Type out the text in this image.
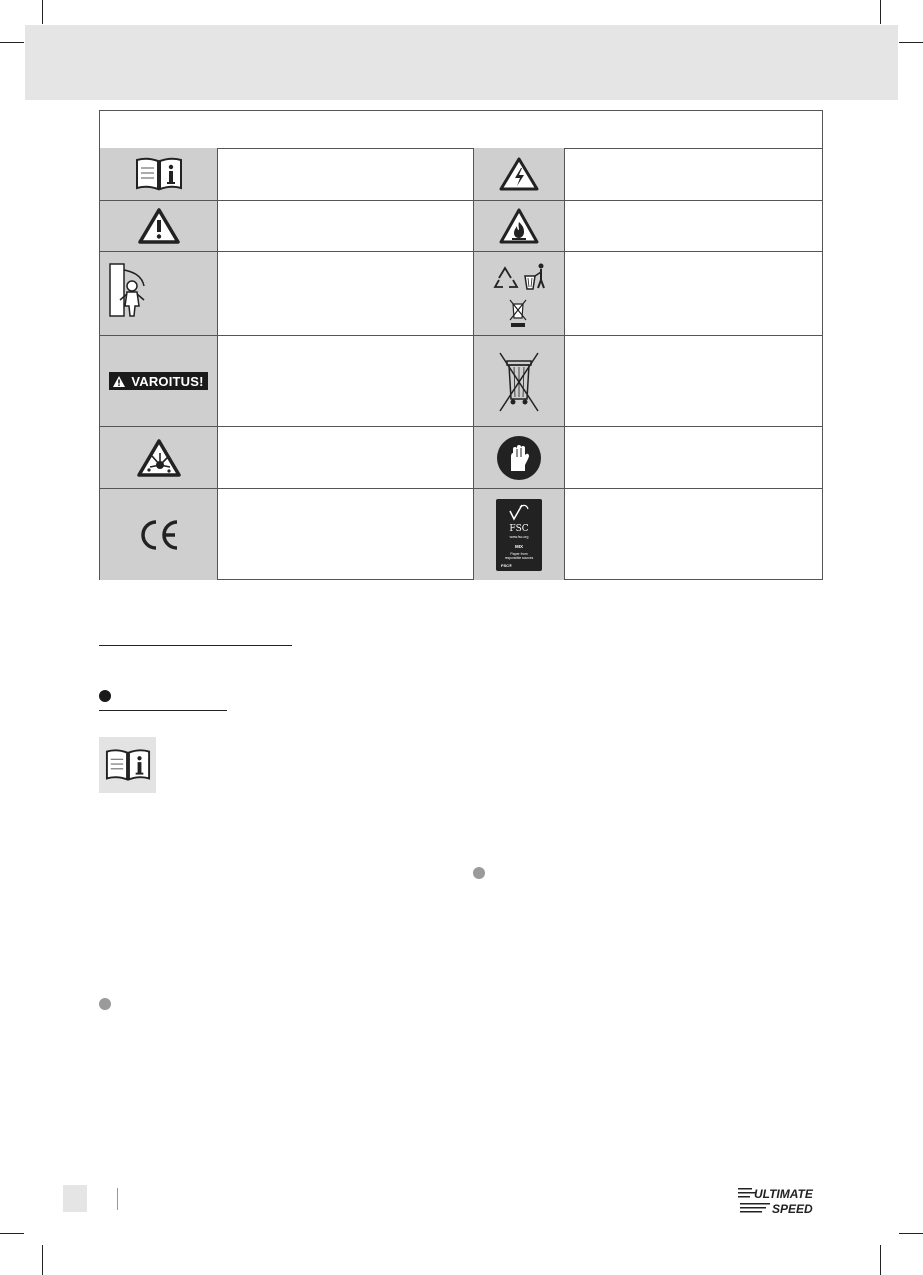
VAROITUS!
FSC
www.fsc.org
MIX
Paper from
responsible sources
FSC®
ULTIMATE
SPEED
